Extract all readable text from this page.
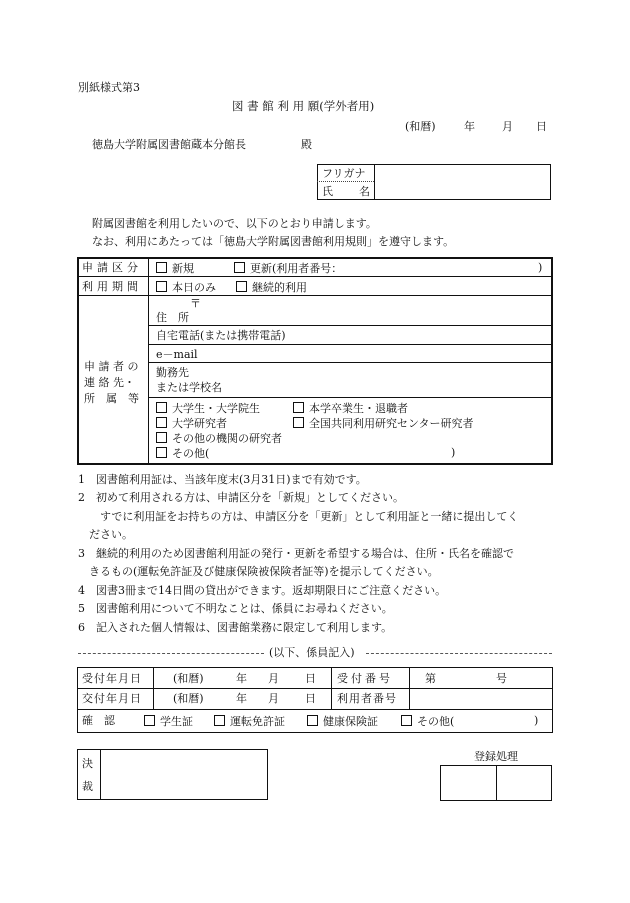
別紙様式第3
図 書 館 利 用 願(学外者用)
(和暦)	年 月 日
徳島大学附属図書館蔵本分館長	殿
フリガナ
氏 名
附属図書館を利用したいので、以下のとおり申請します。
なお、利用にあたっては「徳島大学附属図書館利用規則」を遵守します。
申請区分	新規	更新(利用者番号：	)
利用期間	本日のみ	継続的利用
申 請 者 の
連 絡 先・
所　属　等
〒
住　所
自宅電話(または携帯電話)
e－mail
勤務先
または学校名
大学生・大学院生	本学卒業生・退職者
大学研究者	全国共同利用研究センター研究者
その他の機関の研究者
その他(	)
1　図書館利用証は、当該年度末(3月31日)まで有効です。
2　初めて利用される方は、申請区分を「新規」としてください。
　　すでに利用証をお持ちの方は、申請区分を「更新」として利用証と一緒に提出してく
　ださい。
3　継続的利用のため図書館利用証の発行・更新を希望する場合は、住所・氏名を確認で
　きるもの(運転免許証及び健康保険被保険者証等)を提示してください。
4　図書3冊まで14日間の貸出ができます。返却期限日にご注意ください。
5　図書館利用について不明なことは、係員にお尋ねください。
6　記入された個人情報は、図書館業務に限定して利用します。
(以下、係員記入)
受付年月日	(和暦)	年 月 日 受付番号	第	号
交付年月日	(和暦)	年 月 日 利用者番号
確　認	学生証	運転免許証	健康保険証	その他(	)
決
裁
登録処理
